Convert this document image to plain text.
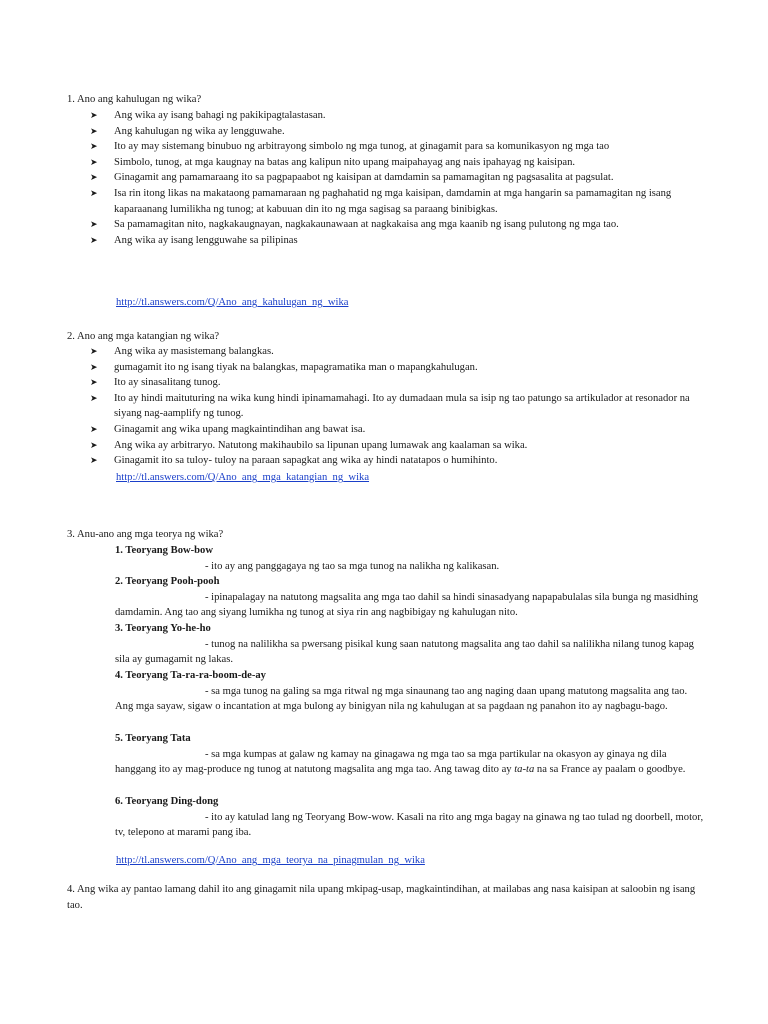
1. Ano ang kahulugan ng wika?
➤	Ang wika ay isang bahagi ng pakikipagtalastasan.
➤	Ang kahulugan ng wika ay lengguwahe.
➤	Ito ay may sistemang binubuo ng arbitrayong simbolo ng mga tunog, at ginagamit para sa komunikasyon ng mga tao
➤	Simbolo, tunog, at mga kaugnay na batas ang kalipun nito upang maipahayag ang nais ipahayag ng kaisipan.
➤	Ginagamit ang pamamaraang ito sa pagpapaabot ng kaisipan at damdamin sa pamamagitan ng pagsasalita at pagsulat.
➤	Isa rin itong likas na makataong pamamaraan ng paghahatid ng mga kaisipan, damdamin at mga hangarin sa pamamagitan ng isang kaparaanang lumilikha ng tunog; at kabuuan din ito ng mga sagisag sa paraang binibigkas.
➤	Sa pamamagitan nito, nagkakaugnayan, nagkakaunawaan at nagkakaisa ang mga kaanib ng isang pulutong ng mga tao.
➤	Ang wika ay isang lengguwahe sa pilipinas
http://tl.answers.com/Q/Ano_ang_kahulugan_ng_wika
2. Ano ang mga katangian ng wika?
➤	Ang wika ay masistemang balangkas.
➤	gumagamit ito ng isang tiyak na balangkas, mapagramatika man o mapangkahulugan.
➤	Ito ay sinasalitang tunog.
➤	Ito ay hindi maituturing na wika kung hindi ipinamamahagi. Ito ay dumadaan mula sa isip ng tao patungo sa artikulador at resonador na siyang nag-aamplify ng tunog.
➤	Ginagamit ang wika upang magkaintindihan ang bawat isa.
➤	Ang wika ay arbitraryo. Natutong makihaubilo sa lipunan upang lumawak ang kaalaman sa wika.
➤	Ginagamit ito sa tuloy- tuloy na paraan sapagkat ang wika ay hindi natatapos o humihinto.
http://tl.answers.com/Q/Ano_ang_mga_katangian_ng_wika
3. Anu-ano ang mga teorya ng wika?
1. Teoryang Bow-bow
- ito ay ang panggagaya ng tao sa mga tunog na nalikha ng kalikasan.
2. Teoryang Pooh-pooh
- ipinapalagay na natutong magsalita ang mga tao dahil sa hindi sinasadyang napapabulalas sila bunga ng masidhing damdamin. Ang tao ang siyang lumikha ng tunog at siya rin ang nagbibigay ng kahulugan nito.
3. Teoryang Yo-he-ho
- tunog na nalilikha sa pwersang pisikal kung saan natutong magsalita ang tao dahil sa nalilikha nilang tunog kapag sila ay gumagamit ng lakas.
4. Teoryang Ta-ra-ra-boom-de-ay
- sa mga tunog na galing sa mga ritwal ng mga sinaunang tao ang naging daan upang matutong magsalita ang tao. Ang mga sayaw, sigaw o incantation at mga bulong ay binigyan nila ng kahulugan at sa pagdaan ng panahon ito ay nagbagu-bago.
5. Teoryang Tata
- sa mga kumpas at galaw ng kamay na ginagawa ng mga tao sa mga partikular na okasyon ay ginaya ng dila hanggang ito ay mag-produce ng tunog at natutong magsalita ang mga tao. Ang tawag dito ay ta-ta na sa France ay paalam o goodbye.
6. Teoryang Ding-dong
- ito ay katulad lang ng Teoryang Bow-wow. Kasali na rito ang mga bagay na ginawa ng tao tulad ng doorbell, motor, tv, telepono at marami pang iba.
http://tl.answers.com/Q/Ano_ang_mga_teorya_na_pinagmulan_ng_wika
4. Ang wika ay pantao lamang dahil ito ang ginagamit nila upang mkipag-usap, magkaintindihan, at mailabas ang nasa kaisipan at saloobin ng isang tao.
